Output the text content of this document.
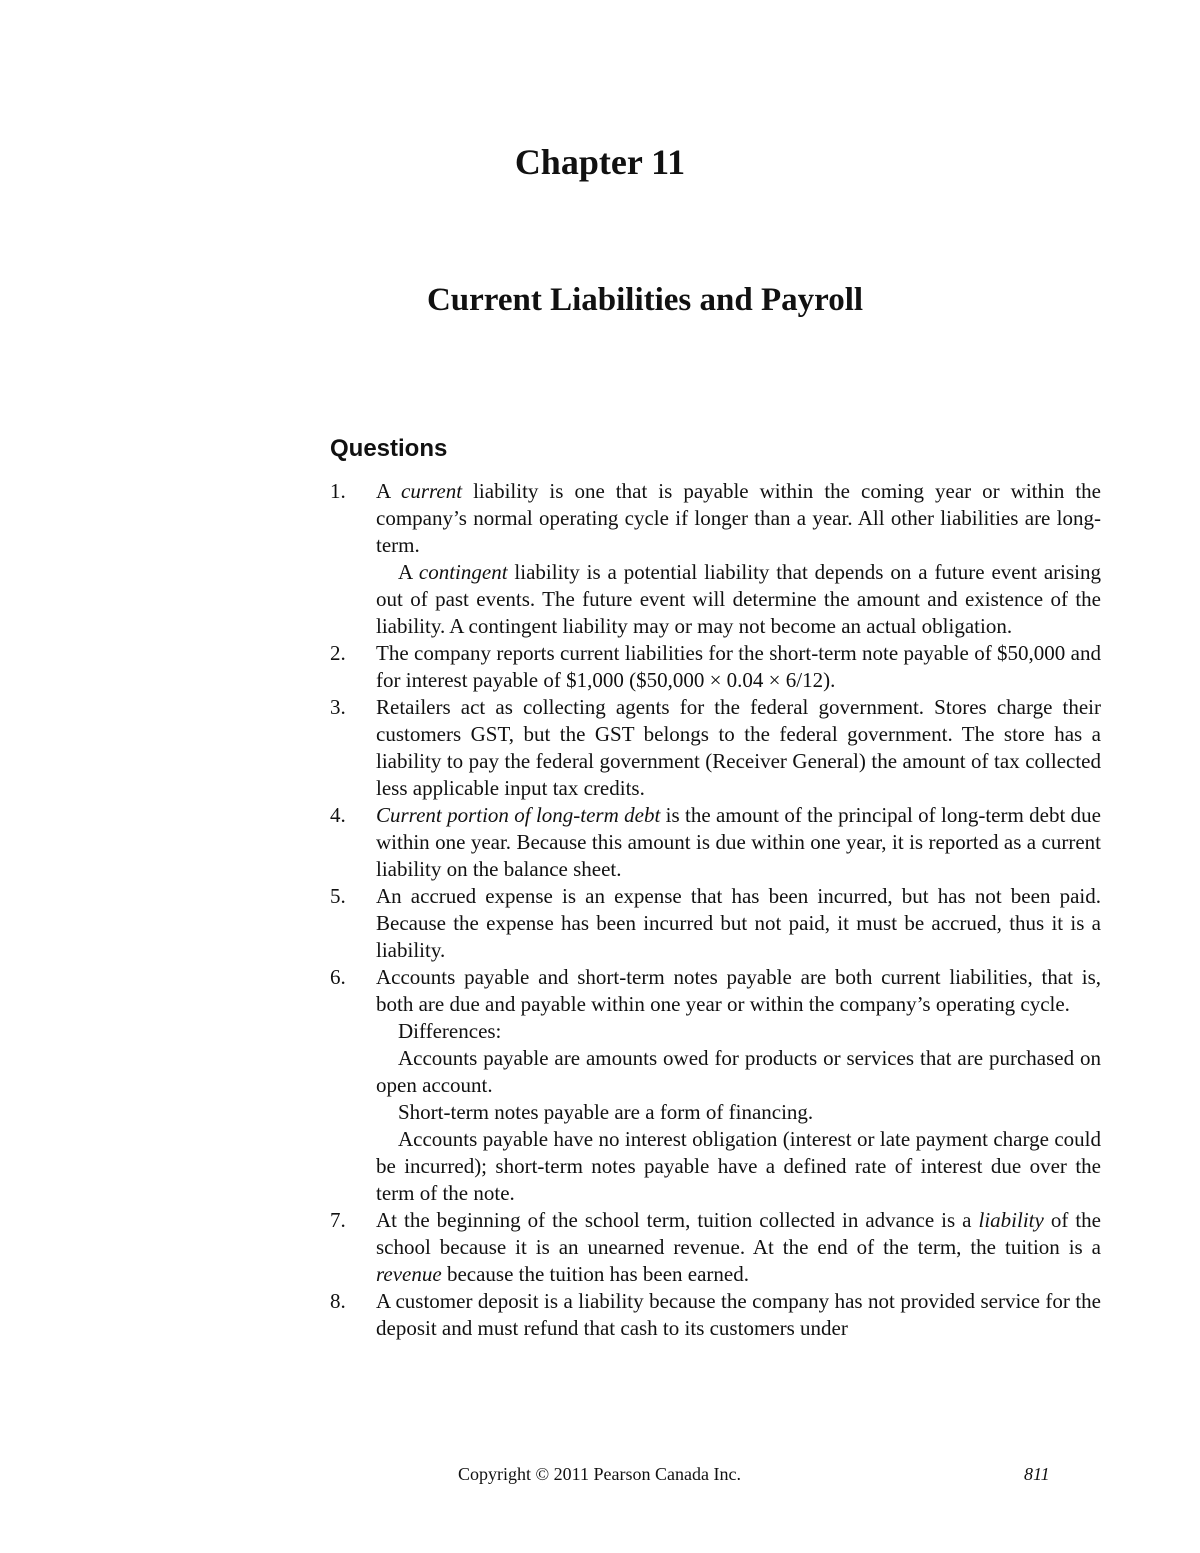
Chapter 11
Current Liabilities and Payroll
Questions
1. A current liability is one that is payable within the coming year or within the company’s normal operating cycle if longer than a year. All other liabilities are long-term.

A contingent liability is a potential liability that depends on a future event arising out of past events. The future event will determine the amount and existence of the liability. A contingent liability may or may not become an actual obligation.

2. The company reports current liabilities for the short-term note payable of $50,000 and for interest payable of $1,000 ($50,000 × 0.04 × 6/12).

3. Retailers act as collecting agents for the federal government. Stores charge their customers GST, but the GST belongs to the federal government. The store has a liability to pay the federal government (Receiver General) the amount of tax collected less applicable input tax credits.

4. Current portion of long-term debt is the amount of the principal of long-term debt due within one year. Because this amount is due within one year, it is reported as a current liability on the balance sheet.

5. An accrued expense is an expense that has been incurred, but has not been paid. Because the expense has been incurred but not paid, it must be accrued, thus it is a liability.

6. Accounts payable and short-term notes payable are both current liabilities, that is, both are due and payable within one year or within the company’s operating cycle.

Differences:

Accounts payable are amounts owed for products or services that are purchased on open account.

Short-term notes payable are a form of financing.

Accounts payable have no interest obligation (interest or late payment charge could be incurred); short-term notes payable have a defined rate of interest due over the term of the note.

7. At the beginning of the school term, tuition collected in advance is a liability of the school because it is an unearned revenue. At the end of the term, the tuition is a revenue because the tuition has been earned.

8. A customer deposit is a liability because the company has not provided service for the deposit and must refund that cash to its customers under

Copyright © 2011 Pearson Canada Inc.	811
